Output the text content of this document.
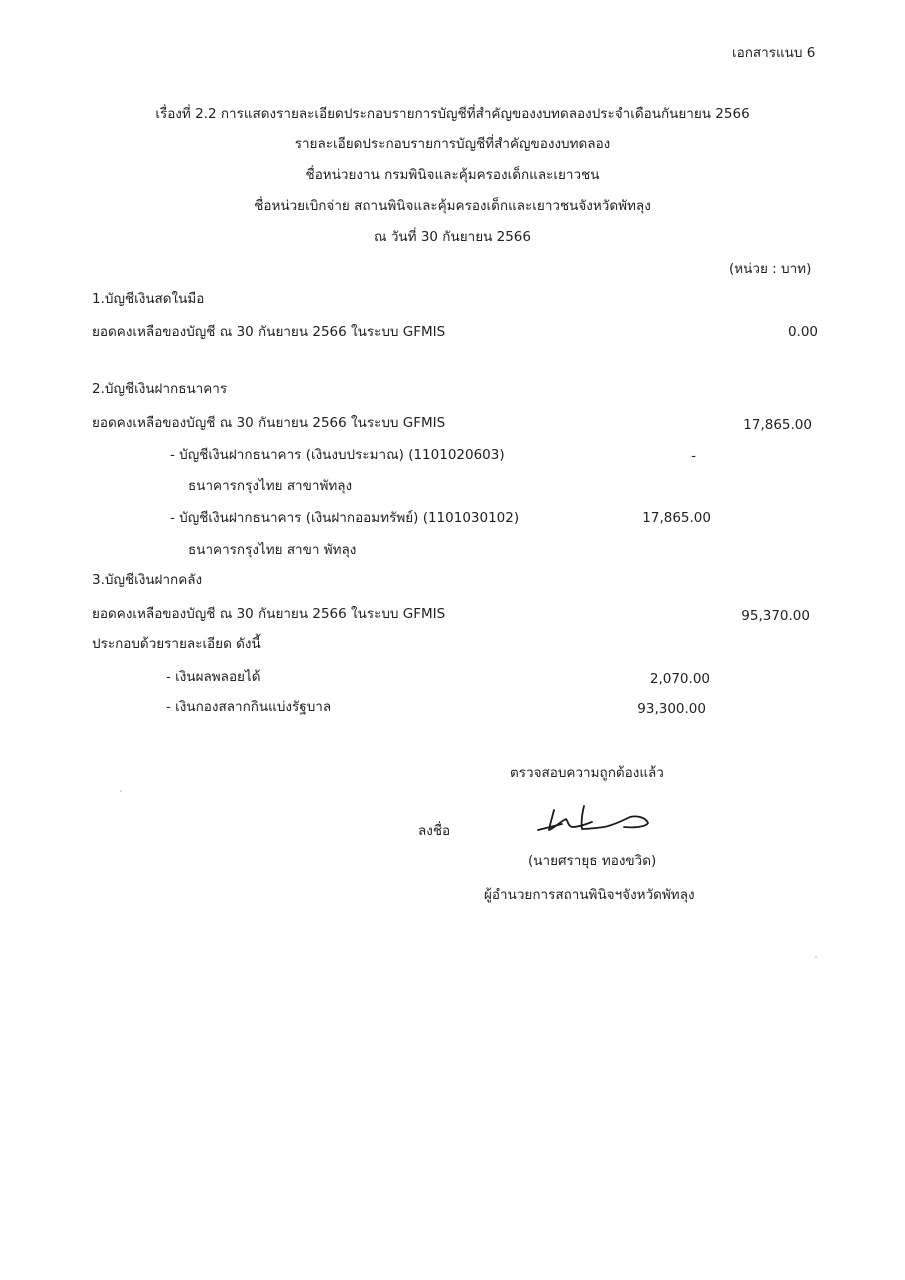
เอกสารแนบ 6
เรื่องที่ 2.2 การแสดงรายละเอียดประกอบรายการบัญชีที่สำคัญของงบทดลองประจำเดือนกันยายน 2566
รายละเอียดประกอบรายการบัญชีที่สำคัญของงบทดลอง
ชื่อหน่วยงาน กรมพินิจและคุ้มครองเด็กและเยาวชน
ชื่อหน่วยเบิกจ่าย สถานพินิจและคุ้มครองเด็กและเยาวชนจังหวัดพัทลุง
ณ วันที่ 30 กันยายน 2566
(หน่วย : บาท)
1.บัญชีเงินสดในมือ
ยอดคงเหลือของบัญชี ณ 30 กันยายน 2566 ในระบบ GFMIS	0.00
2.บัญชีเงินฝากธนาคาร
ยอดคงเหลือของบัญชี ณ 30 กันยายน 2566 ในระบบ GFMIS	17,865.00
- บัญชีเงินฝากธนาคาร (เงินงบประมาณ) (1101020603)	-
ธนาคารกรุงไทย สาขาพัทลุง
- บัญชีเงินฝากธนาคาร (เงินฝากออมทรัพย์) (1101030102)	17,865.00
ธนาคารกรุงไทย สาขา พัทลุง
3.บัญชีเงินฝากคลัง
ยอดคงเหลือของบัญชี ณ 30 กันยายน 2566 ในระบบ GFMIS	95,370.00
ประกอบด้วยรายละเอียด ดังนี้
- เงินผลพลอยได้	2,070.00
- เงินกองสลากกินแบ่งรัฐบาล	93,300.00
ตรวจสอบความถูกต้องแล้ว
ลงชื่อ
(นายศรายุธ ทองขวิด)
ผู้อำนวยการสถานพินิจฯจังหวัดพัทลุง
